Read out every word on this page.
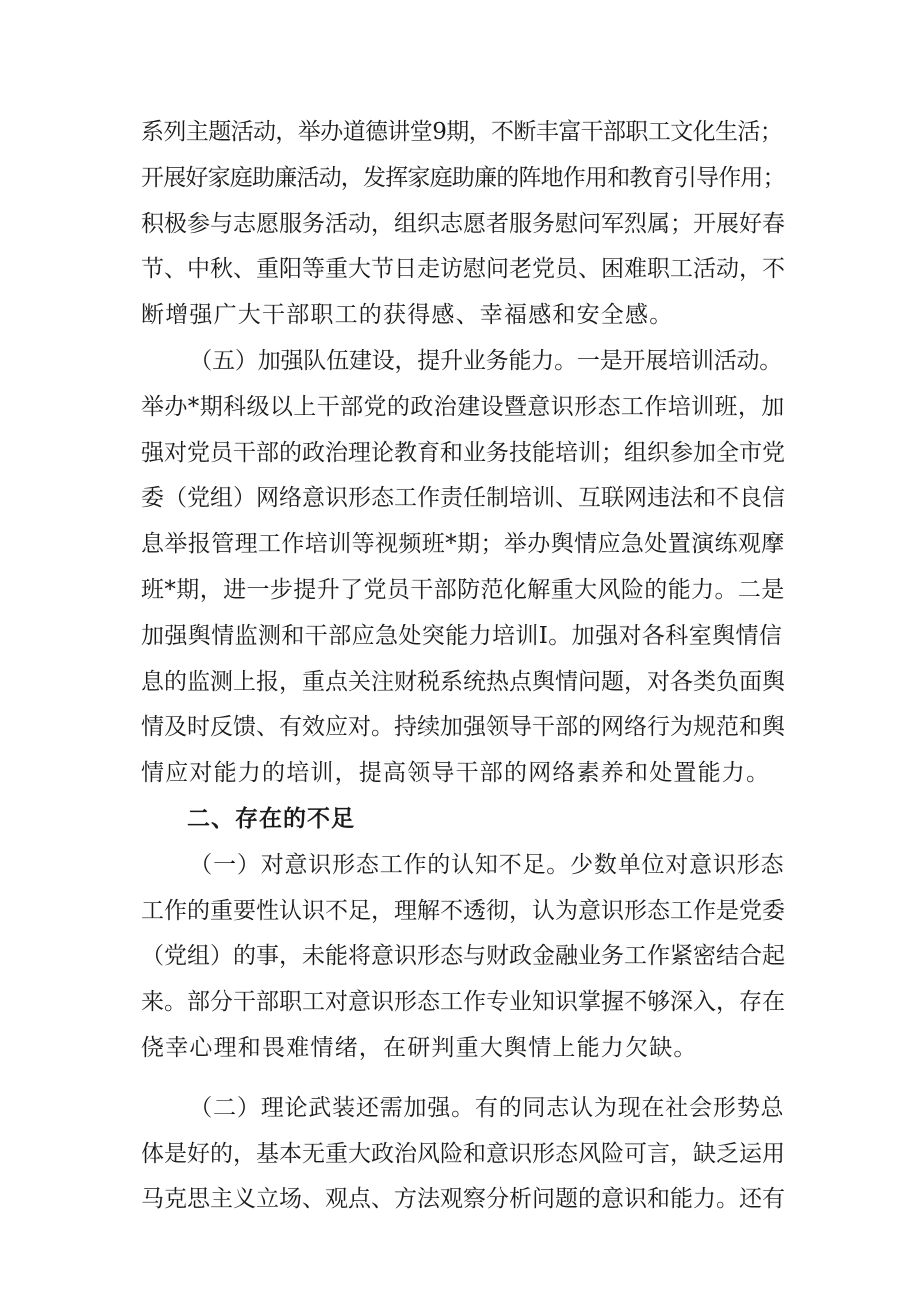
系列主题活动，举办道德讲堂9期，不断丰富干部职工文化生活；
开展好家庭助廉活动，发挥家庭助廉的阵地作用和教育引导作用；
积极参与志愿服务活动，组织志愿者服务慰问军烈属；开展好春
节、中秋、重阳等重大节日走访慰问老党员、困难职工活动，不
断增强广大干部职工的获得感、幸福感和安全感。
（五）加强队伍建设，提升业务能力。一是开展培训活动。
举办*期科级以上干部党的政治建设暨意识形态工作培训班，加
强对党员干部的政治理论教育和业务技能培训；组织参加全市党
委（党组）网络意识形态工作责任制培训、互联网违法和不良信
息举报管理工作培训等视频班*期；举办舆情应急处置演练观摩
班*期，进一步提升了党员干部防范化解重大风险的能力。二是
加强舆情监测和干部应急处突能力培训I。加强对各科室舆情信
息的监测上报，重点关注财税系统热点舆情问题，对各类负面舆
情及时反馈、有效应对。持续加强领导干部的网络行为规范和舆
情应对能力的培训，提高领导干部的网络素养和处置能力。
二、存在的不足
（一）对意识形态工作的认知不足。少数单位对意识形态
工作的重要性认识不足，理解不透彻，认为意识形态工作是党委
（党组）的事，未能将意识形态与财政金融业务工作紧密结合起
来。部分干部职工对意识形态工作专业知识掌握不够深入，存在
侥幸心理和畏难情绪，在研判重大舆情上能力欠缺。
（二）理论武装还需加强。有的同志认为现在社会形势总
体是好的，基本无重大政治风险和意识形态风险可言，缺乏运用
马克思主义立场、观点、方法观察分析问题的意识和能力。还有
